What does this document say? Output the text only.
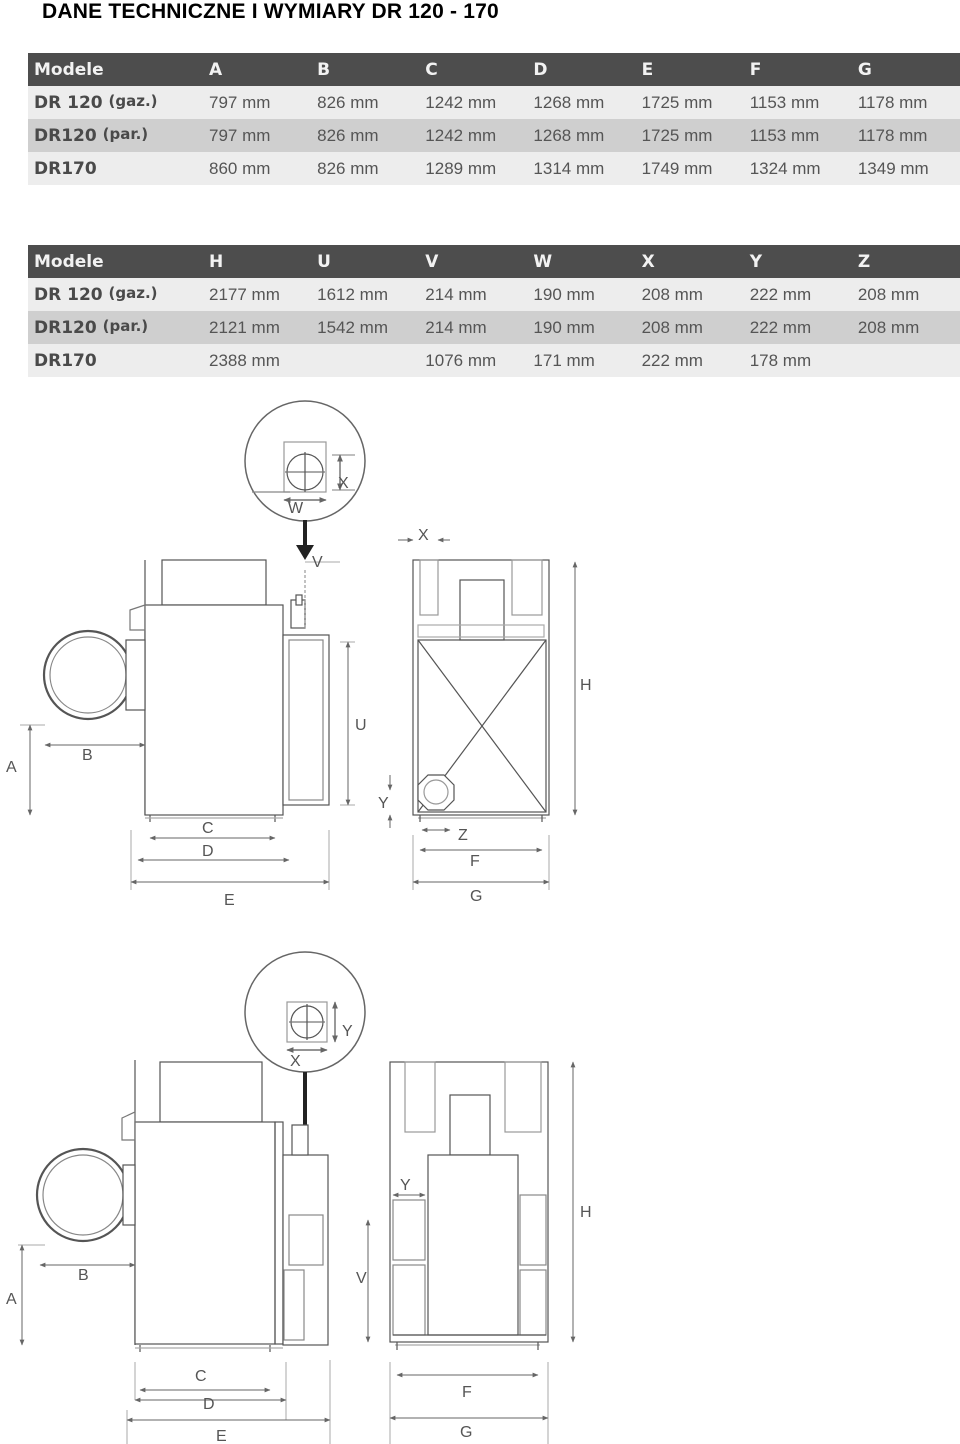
DANE TECHNICZNE I WYMIARY DR 120 - 170
Modele	A	B	C	D	E	F	G
DR 120 (gaz.)	797 mm	826 mm	1242 mm	1268 mm	1725 mm	1153 mm	1178 mm
DR120 (par.)	797 mm	826 mm	1242 mm	1268 mm	1725 mm	1153 mm	1178 mm
DR170	860 mm	826 mm	1289 mm	1314 mm	1749 mm	1324 mm	1349 mm
Modele	H	U	V	W	X	Y	Z
DR 120 (gaz.)	2177 mm	1612 mm	214 mm	190 mm	208 mm	222 mm	208 mm
DR120 (par.)	2121 mm	1542 mm	214 mm	190 mm	208 mm	222 mm	208 mm
DR170	2388 mm		1076 mm	171 mm	222 mm	178 mm	
W
X
X
V
H
U
A
B
Y
C	Z
D
F
E	G
Y
X
Y
H
B	V
A
C
F
D
G
E
